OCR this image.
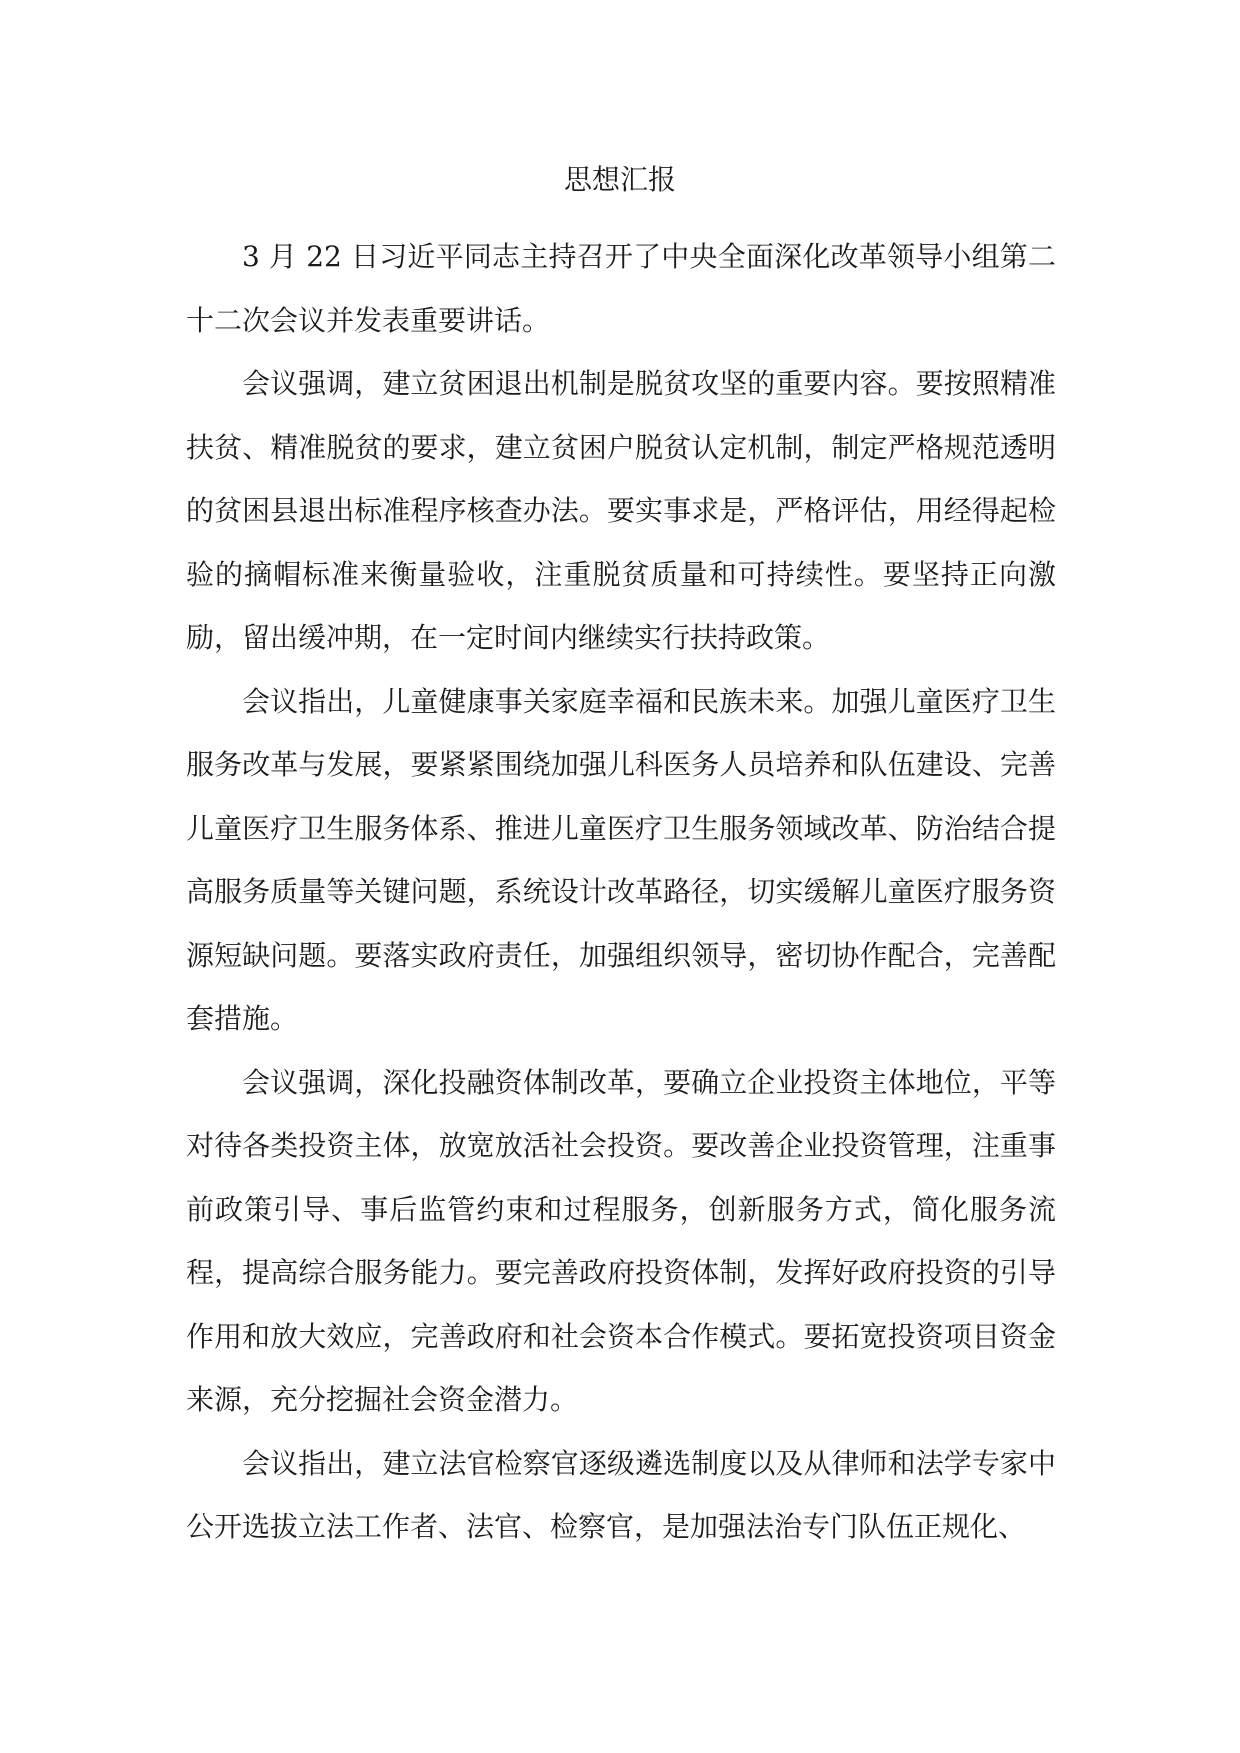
思想汇报

3 月 22 日习近平同志主持召开了中央全面深化改革领导小组第二十二次会议并发表重要讲话。

会议强调，建立贫困退出机制是脱贫攻坚的重要内容。要按照精准扶贫、精准脱贫的要求，建立贫困户脱贫认定机制，制定严格规范透明的贫困县退出标准程序核查办法。要实事求是，严格评估，用经得起检验的摘帽标准来衡量验收，注重脱贫质量和可持续性。要坚持正向激励，留出缓冲期，在一定时间内继续实行扶持政策。

会议指出，儿童健康事关家庭幸福和民族未来。加强儿童医疗卫生服务改革与发展，要紧紧围绕加强儿科医务人员培养和队伍建设、完善儿童医疗卫生服务体系、推进儿童医疗卫生服务领域改革、防治结合提高服务质量等关键问题，系统设计改革路径，切实缓解儿童医疗服务资源短缺问题。要落实政府责任，加强组织领导，密切协作配合，完善配套措施。

会议强调，深化投融资体制改革，要确立企业投资主体地位，平等对待各类投资主体，放宽放活社会投资。要改善企业投资管理，注重事前政策引导、事后监管约束和过程服务，创新服务方式，简化服务流程，提高综合服务能力。要完善政府投资体制，发挥好政府投资的引导作用和放大效应，完善政府和社会资本合作模式。要拓宽投资项目资金来源，充分挖掘社会资金潜力。

会议指出，建立法官检察官逐级遴选制度以及从律师和法学专家中公开选拔立法工作者、法官、检察官，是加强法治专门队伍正规化、
